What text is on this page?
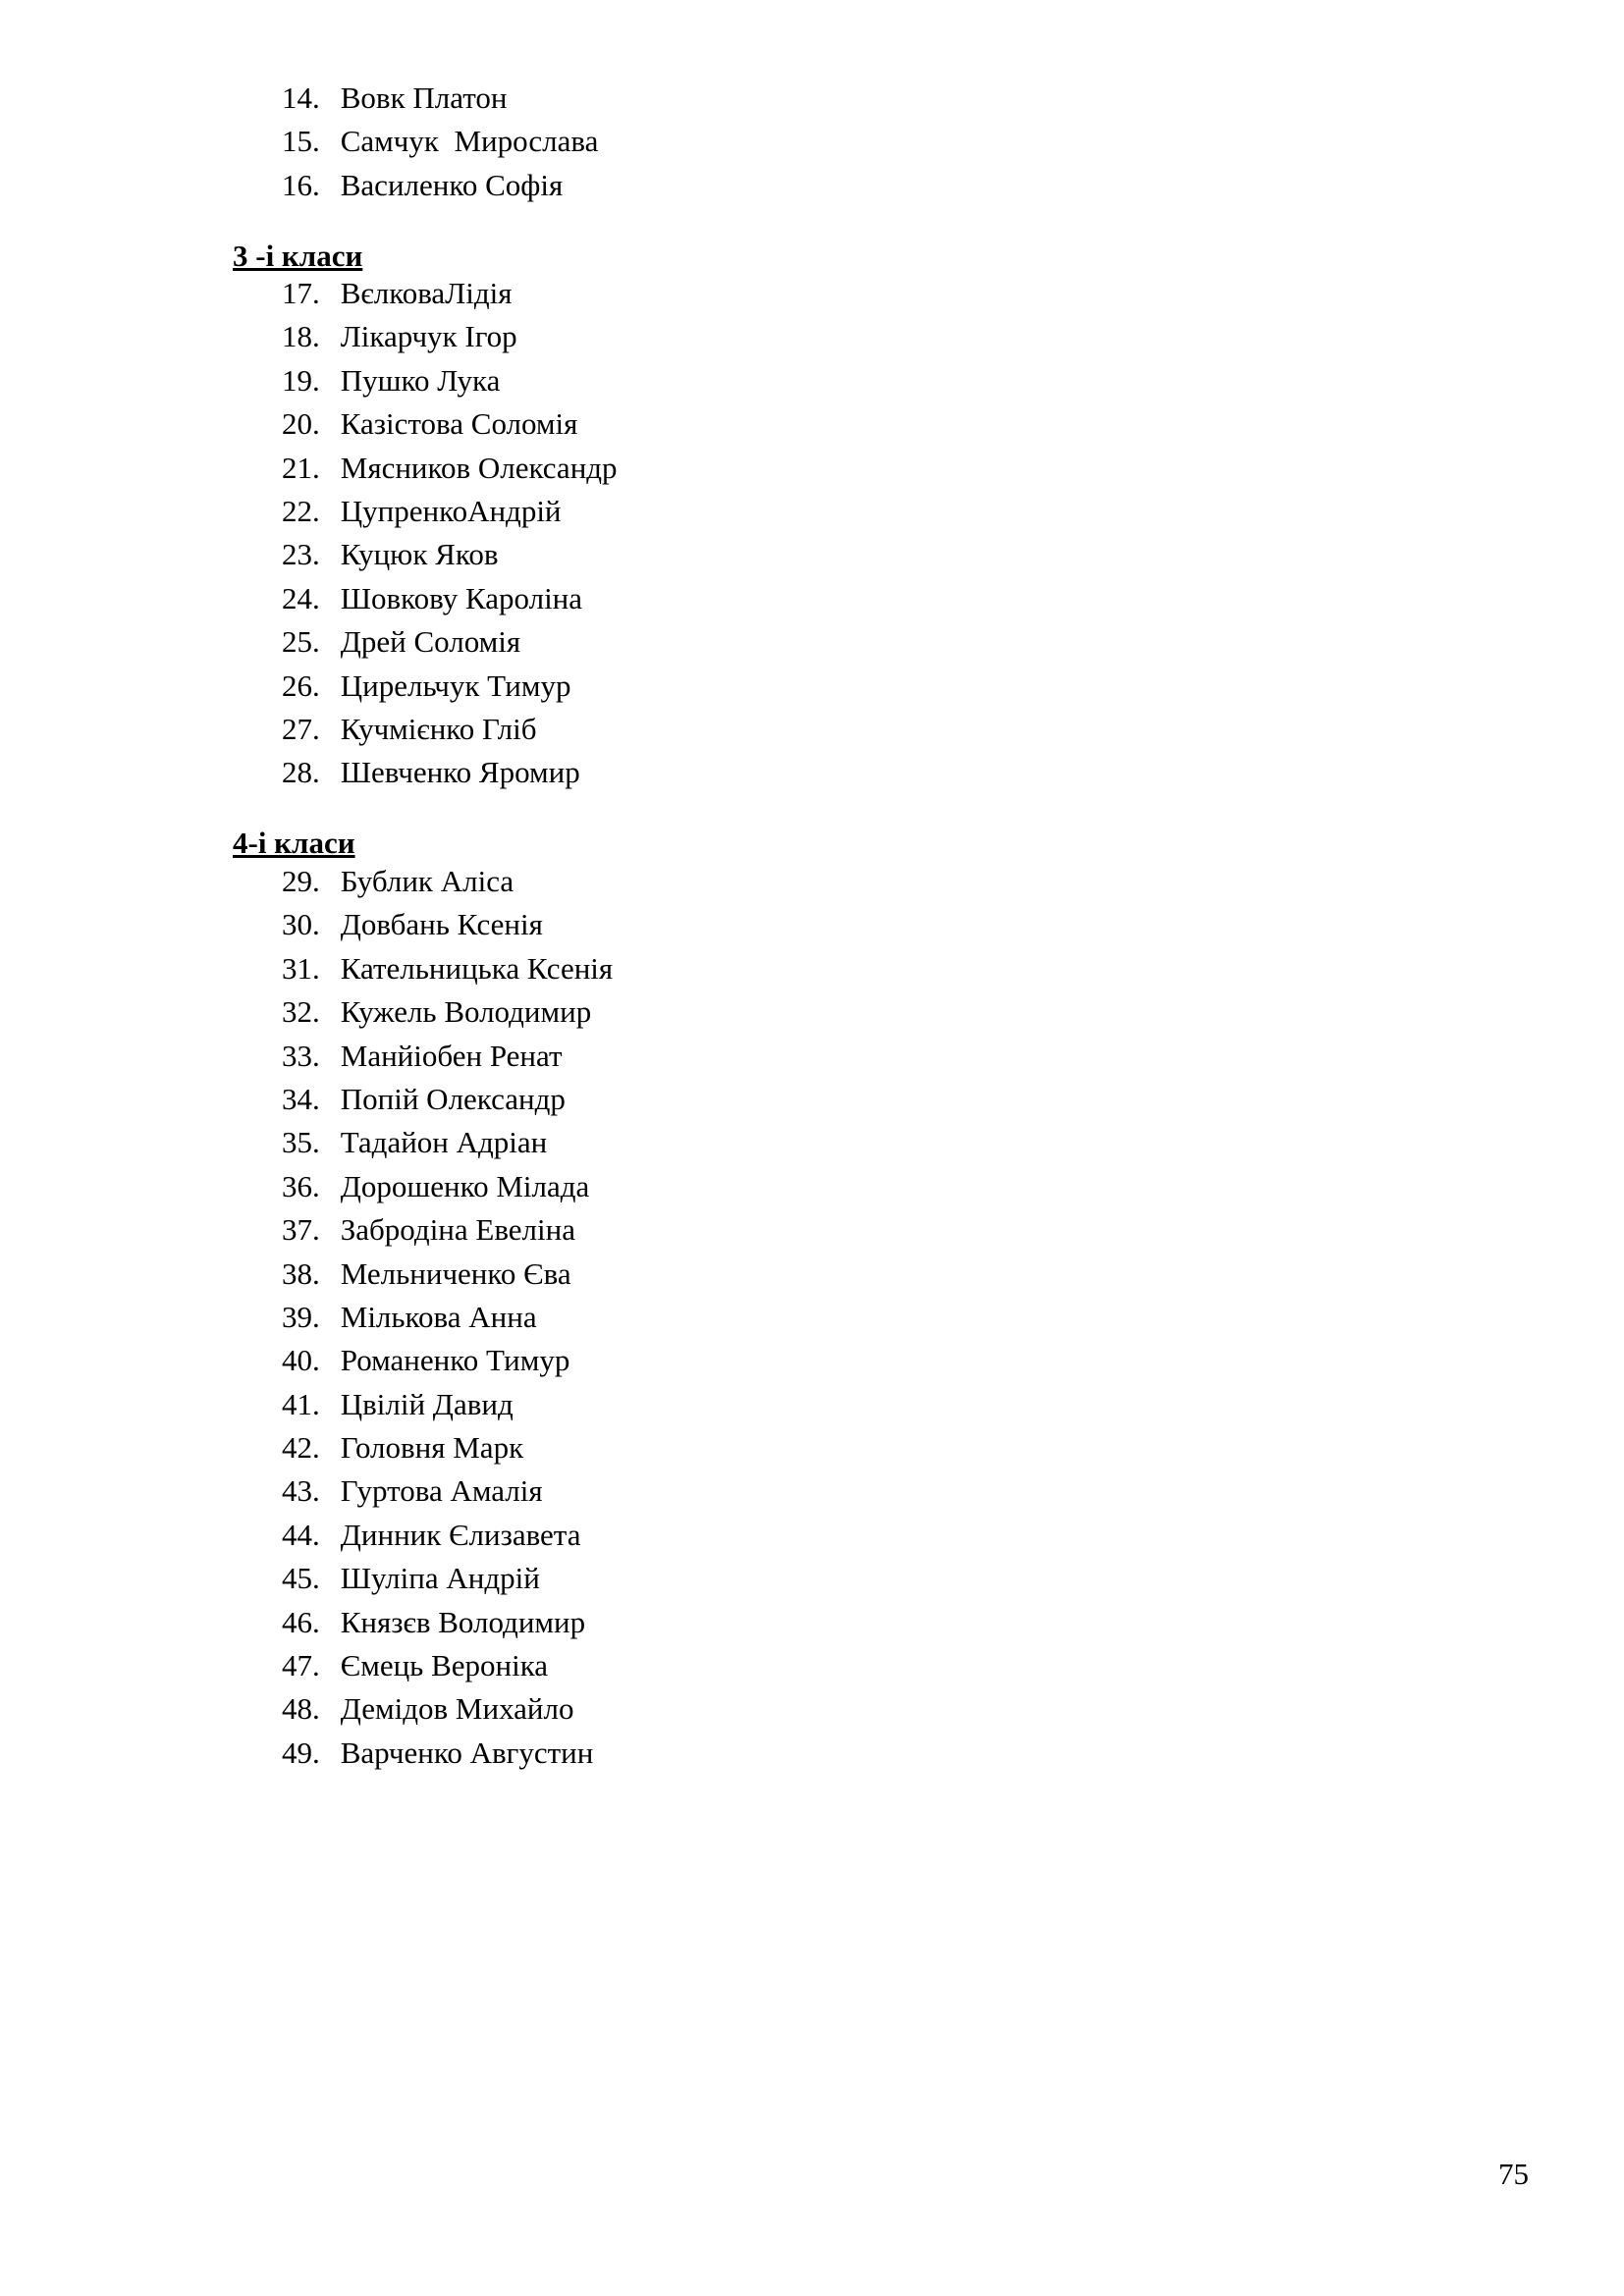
14. Вовк Платон
15. Самчук  Мирослава
16. Василенко Софія
3 -і класи
17. ВєлковаЛідія
18. Лікарчук Ігор
19. Пушко Лука
20. Казістова Соломія
21. Мясников Олександр
22. ЦупренкоАндрій
23. Куцюк Яков
24. Шовкову Кароліна
25. Дрей Соломія
26. Цирельчук Тимур
27. Кучмієнко Гліб
28. Шевченко Яромир
4-і класи
29. Бублик Аліса
30. Довбань Ксенія
31. Катeльницька Ксенія
32. Кужель Володимир
33. Манйіобен Ренат
34. Попій Олександр
35. Тадайон Адріан
36. Дорошенко Мілада
37. Забродіна Евеліна
38. Мельниченко Єва
39. Мількова Анна
40. Романенко Тимур
41. Цвілій Давид
42. Головня Марк
43. Гуртова Амалія
44. Динник Єлизавета
45. Шуліпа Андрій
46. Князєв Володимир
47. Ємець Вероніка
48. Демідов Михайло
49. Варченко Августин
75
